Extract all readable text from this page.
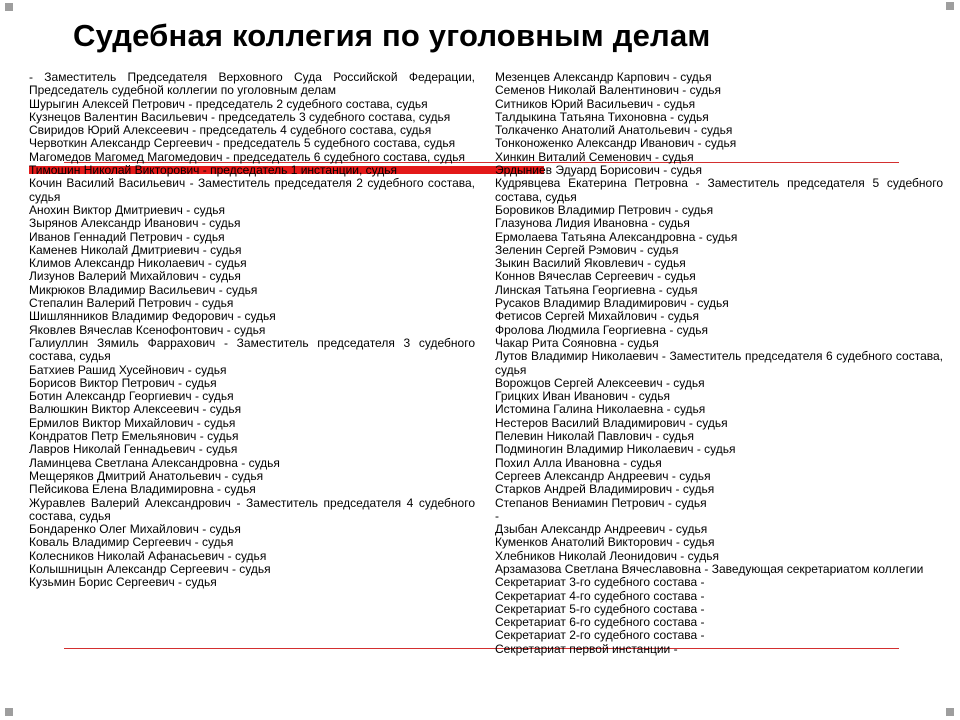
Судебная коллегия по уголовным делам

- Заместитель Председателя Верховного Суда Российской Федерации, Председатель судебной коллегии по уголовным делам

Шурыгин Алексей Петрович - председатель 2 судебного состава, судья

Кузнецов Валентин Васильевич - председатель 3 судебного состава, судья

Свиридов Юрий Алексеевич - председатель 4 судебного состава, судья

Червоткин Александр Сергеевич - председатель 5 судебного состава, судья

Магомедов Магомед Магомедович - председатель 6 судебного состава, судья

Тимошин Николай Викторович - председатель 1 инстанции, судья

Кочин Василий Васильевич - Заместитель председателя 2 судебного состава, судья

Анохин Виктор Дмитриевич - судья

Зырянов Александр Иванович - судья

Иванов Геннадий Петрович - судья

Каменев Николай Дмитриевич - судья

Климов Александр Николаевич - судья

Лизунов Валерий Михайлович - судья

Микрюков Владимир Васильевич - судья

Степалин Валерий Петрович - судья

Шишлянников Владимир Федорович - судья

Яковлев Вячеслав Ксенофонтович - судья

Галиуллин Зямиль Фаррахович - Заместитель председателя 3 судебного состава, судья

Батхиев Рашид Хусейнович - судья

Борисов Виктор Петрович - судья

Ботин Александр Георгиевич - судья

Валюшкин Виктор Алексеевич - судья

Ермилов Виктор Михайлович - судья

Кондратов Петр Емельянович - судья

Лавров Николай Геннадьевич - судья

Ламинцева Светлана Александровна - судья

Мещеряков Дмитрий Анатольевич - судья

Пейсикова Елена Владимировна - судья

Журавлев Валерий Александрович - Заместитель председателя 4 судебного состава, судья

Бондаренко Олег Михайлович - судья

Коваль Владимир Сергеевич - судья

Колесников Николай Афанасьевич - судья

Колышницын Александр Сергеевич - судья

Кузьмин Борис Сергеевич - судья

Мезенцев Александр Карпович - судья

Семенов Николай Валентинович - судья

Ситников Юрий Васильевич - судья

Талдыкина Татьяна Тихоновна - судья

Толкаченко Анатолий Анатольевич - судья

Тонконоженко Александр Иванович - судья

Хинкин Виталий Семенович - судья

Эрдыниев Эдуард Борисович - судья

Кудрявцева Екатерина Петровна - Заместитель председателя 5 судебного состава, судья

Боровиков Владимир Петрович - судья

Глазунова Лидия Ивановна - судья

Ермолаева Татьяна Александровна - судья

Зеленин Сергей Рэмович - судья

Зыкин Василий Яковлевич - судья

Коннов Вячеслав Сергеевич - судья

Линская Татьяна Георгиевна - судья

Русаков Владимир Владимирович - судья

Фетисов Сергей Михайлович - судья

Фролова Людмила Георгиевна - судья

Чакар Рита Сояновна - судья

Лутов Владимир Николаевич - Заместитель председателя 6 судебного состава, судья

Ворожцов Сергей Алексеевич - судья

Грицких Иван Иванович - судья

Истомина Галина Николаевна - судья

Нестеров Василий Владимирович - судья

Пелевин Николай Павлович - судья

Подминогин Владимир Николаевич - судья

Похил Алла Ивановна - судья

Сергеев Александр Андреевич - судья

Старков Андрей Владимирович - судья

Степанов Вениамин Петрович - судья

-

Дзыбан Александр Андреевич - судья

Куменков Анатолий Викторович - судья

Хлебников Николай Леонидович - судья

Арзамазова Светлана Вячеславовна - Заведующая секретариатом коллегии

Секретариат 3-го судебного состава -

Секретариат 4-го судебного состава -

Секретариат 5-го судебного состава -

Секретариат 6-го судебного состава -

Секретариат 2-го судебного состава -

Секретариат первой инстанции -
